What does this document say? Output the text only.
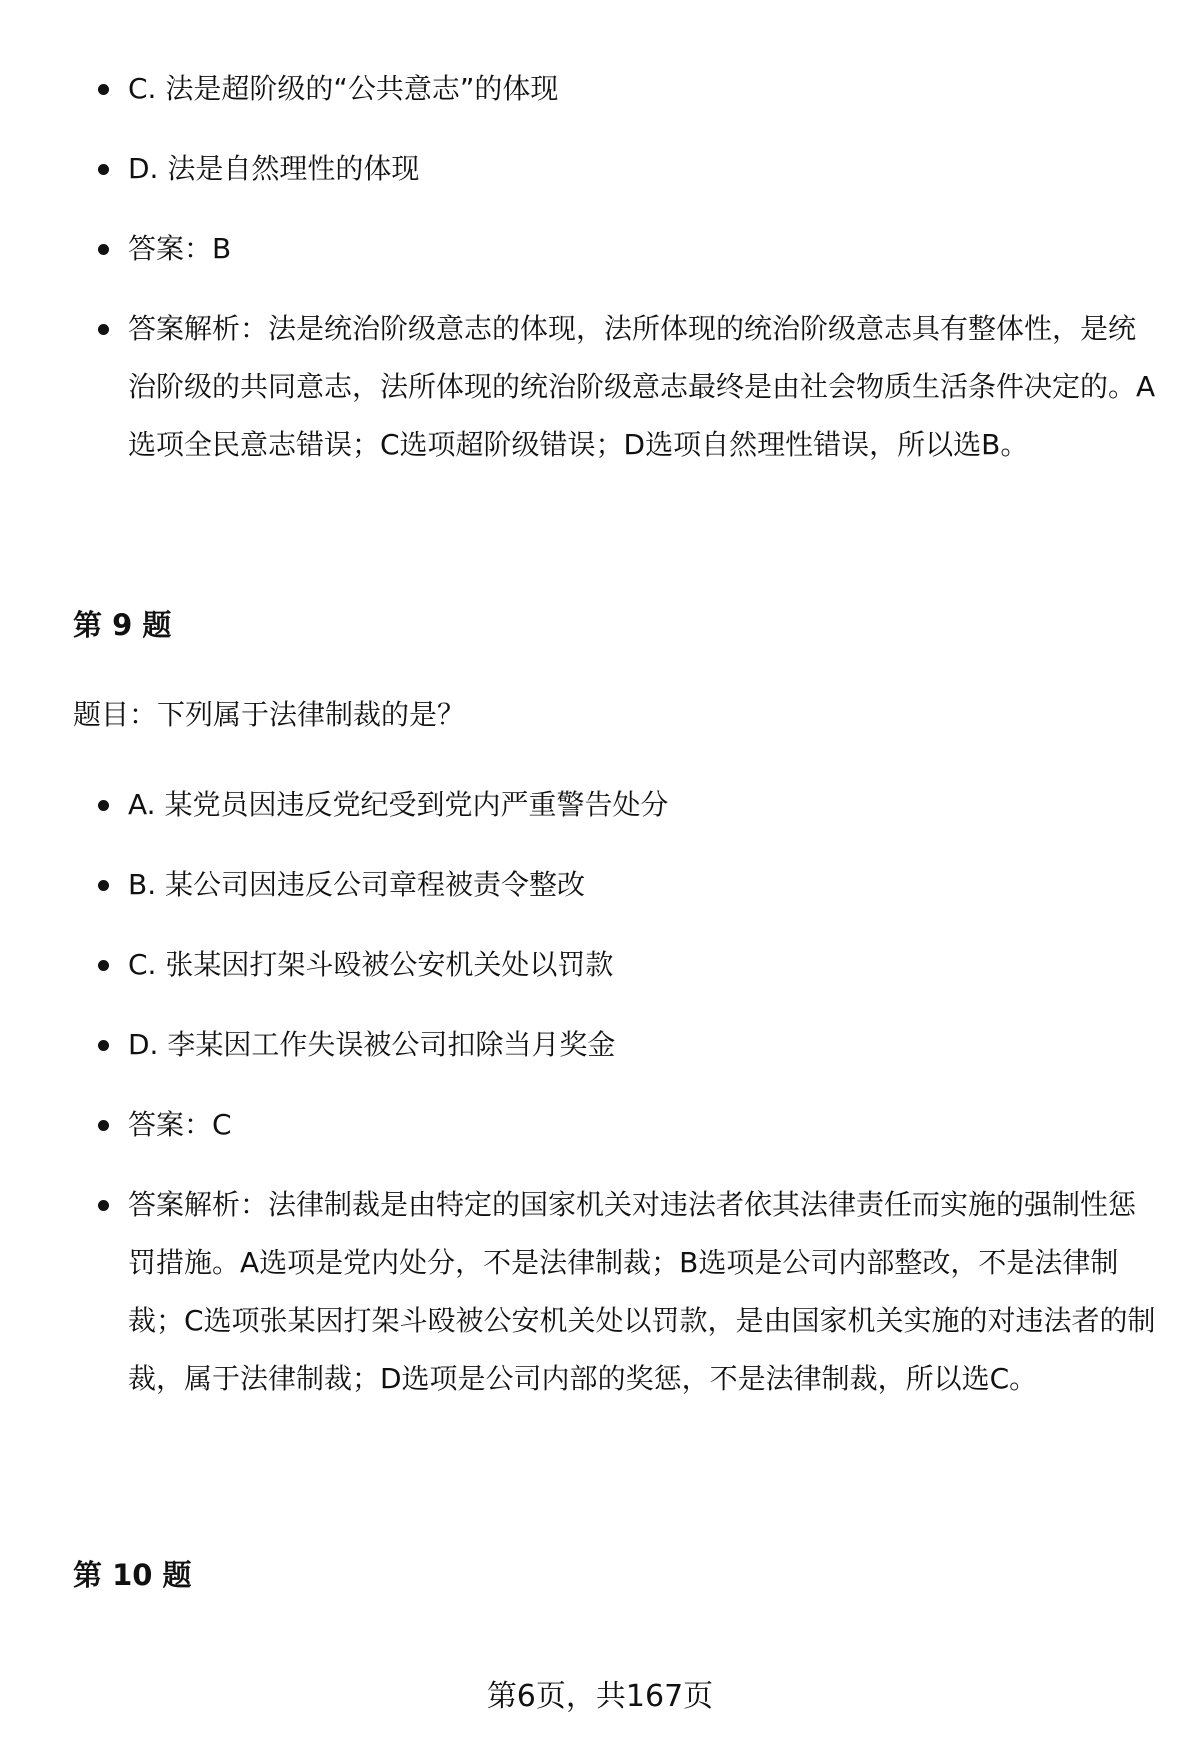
C. 法是超阶级的“公共意志”的体现
D. 法是自然理性的体现
答案：B
答案解析：法是统治阶级意志的体现，法所体现的统治阶级意志具有整体性，是统治阶级的共同意志，法所体现的统治阶级意志最终是由社会物质生活条件决定的。A选项全民意志错误；C选项超阶级错误；D选项自然理性错误，所以选B。
第 9 题
题目：下列属于法律制裁的是？
A. 某党员因违反党纪受到党内严重警告处分
B. 某公司因违反公司章程被责令整改
C. 张某因打架斗殴被公安机关处以罚款
D. 李某因工作失误被公司扣除当月奖金
答案：C
答案解析：法律制裁是由特定的国家机关对违法者依其法律责任而实施的强制性惩罚措施。A选项是党内处分，不是法律制裁；B选项是公司内部整改，不是法律制裁；C选项张某因打架斗殴被公安机关处以罚款，是由国家机关实施的对违法者的制裁，属于法律制裁；D选项是公司内部的奖惩，不是法律制裁，所以选C。
第 10 题
第6页，共167页
